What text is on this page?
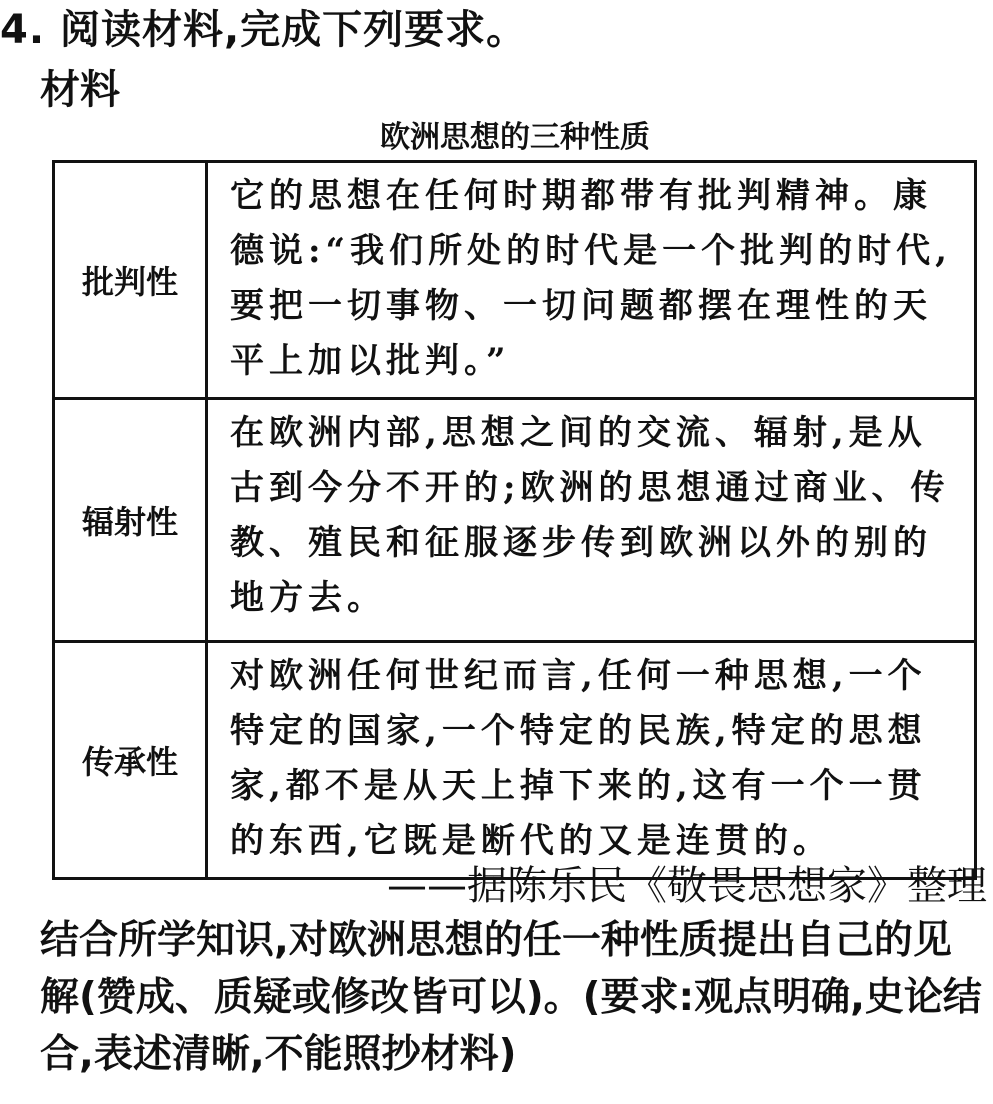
4. 阅读材料,完成下列要求。
材料
欧洲思想的三种性质
批判性	它的思想在任何时期都带有批判精神。康德说:“我们所处的时代是一个批判的时代,要把一切事物、一切问题都摆在理性的天平上加以批判。”
辐射性	在欧洲内部,思想之间的交流、辐射,是从古到今分不开的;欧洲的思想通过商业、传教、殖民和征服逐步传到欧洲以外的别的地方去。
传承性	对欧洲任何世纪而言,任何一种思想,一个特定的国家,一个特定的民族,特定的思想家,都不是从天上掉下来的,这有一个一贯的东西,它既是断代的又是连贯的。
——据陈乐民《敬畏思想家》整理
结合所学知识,对欧洲思想的任一种性质提出自己的见解(赞成、质疑或修改皆可以)。(要求:观点明确,史论结合,表述清晰,不能照抄材料)
